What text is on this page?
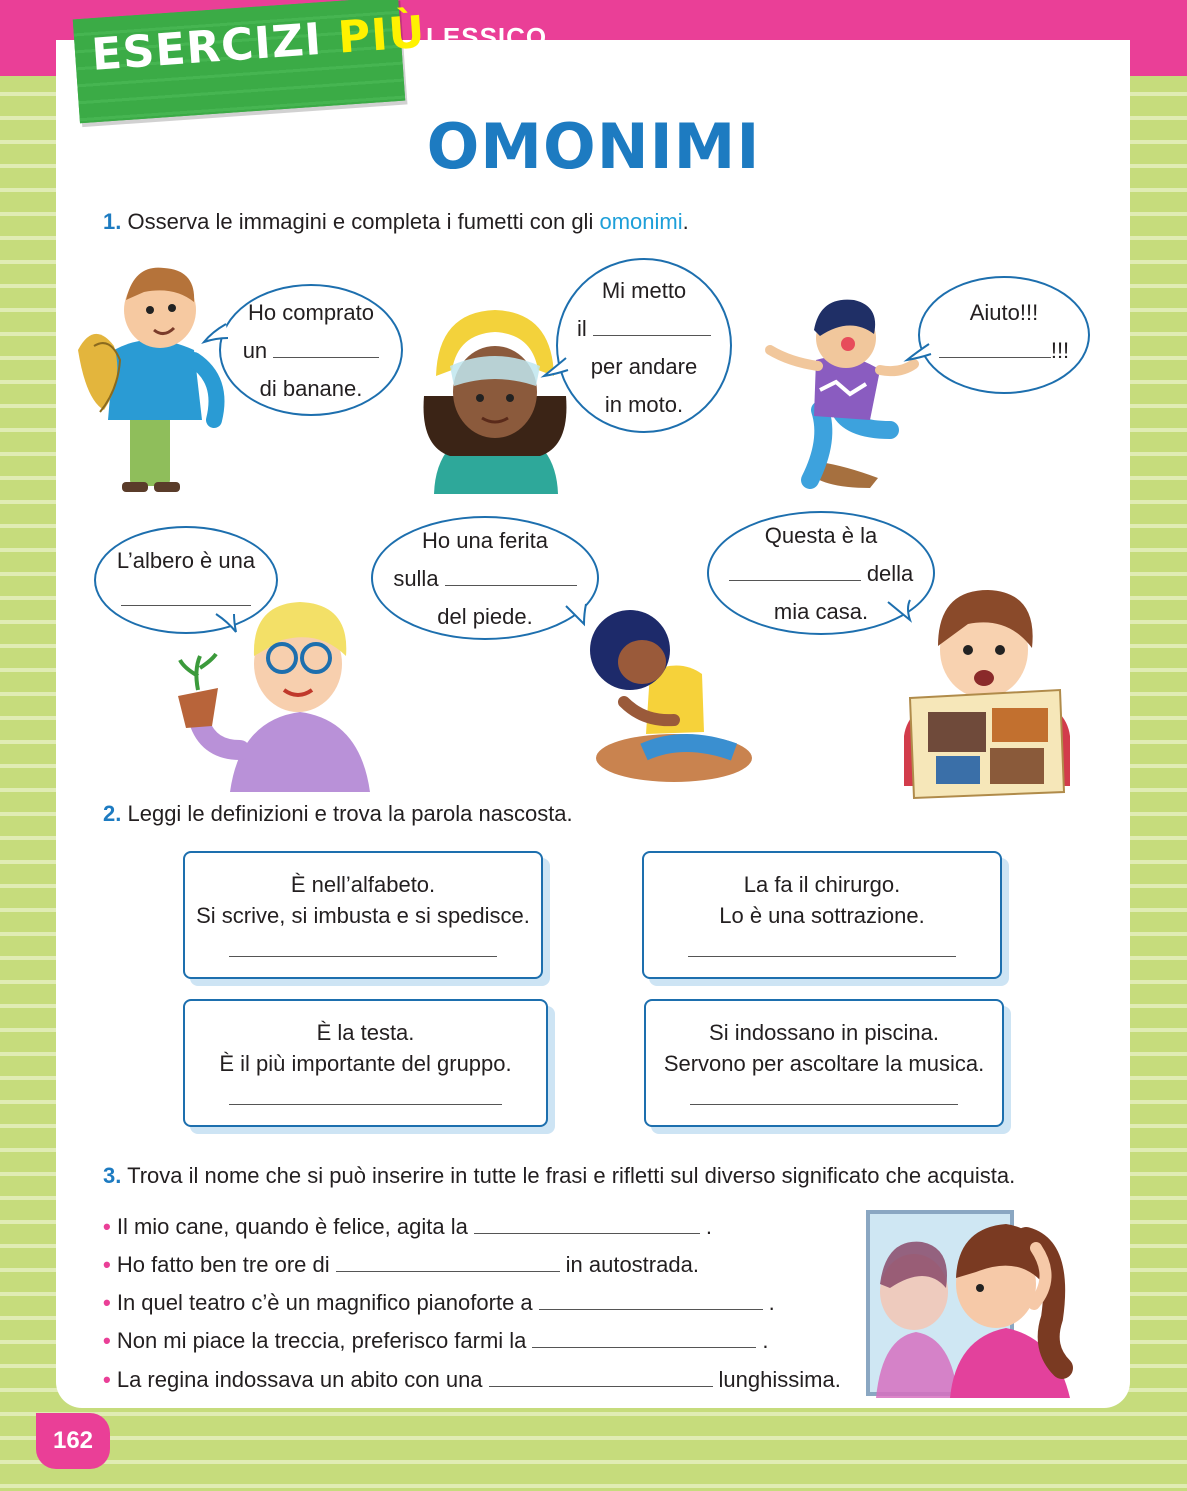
ESERCIZI PIÙ
LESSICO
OMONIMI
1. Osserva le immagini e completa i fumetti con gli omonimi.
Ho comprato
un
di banane.
Mi metto
il
per andare
in moto.
Aiuto!!!
!!!
L’albero è una
Ho una ferita
sulla
del piede.
Questa è la
della
mia casa.
2. Leggi le definizioni e trova la parola nascosta.
È nell’alfabeto.
Si scrive, si imbusta e si spedisce.
La fa il chirurgo.
Lo è una sottrazione.
È la testa.
È il più importante del gruppo.
Si indossano in piscina.
Servono per ascoltare la musica.
3. Trova il nome che si può inserire in tutte le frasi e rifletti sul diverso significato che acquista.
• Il mio cane, quando è felice, agita la	.
• Ho fatto ben tre ore di	in autostrada.
• In quel teatro c’è un magnifico pianoforte a	.
• Non mi piace la treccia, preferisco farmi la	.
• La regina indossava un abito con una	lunghissima.
162
